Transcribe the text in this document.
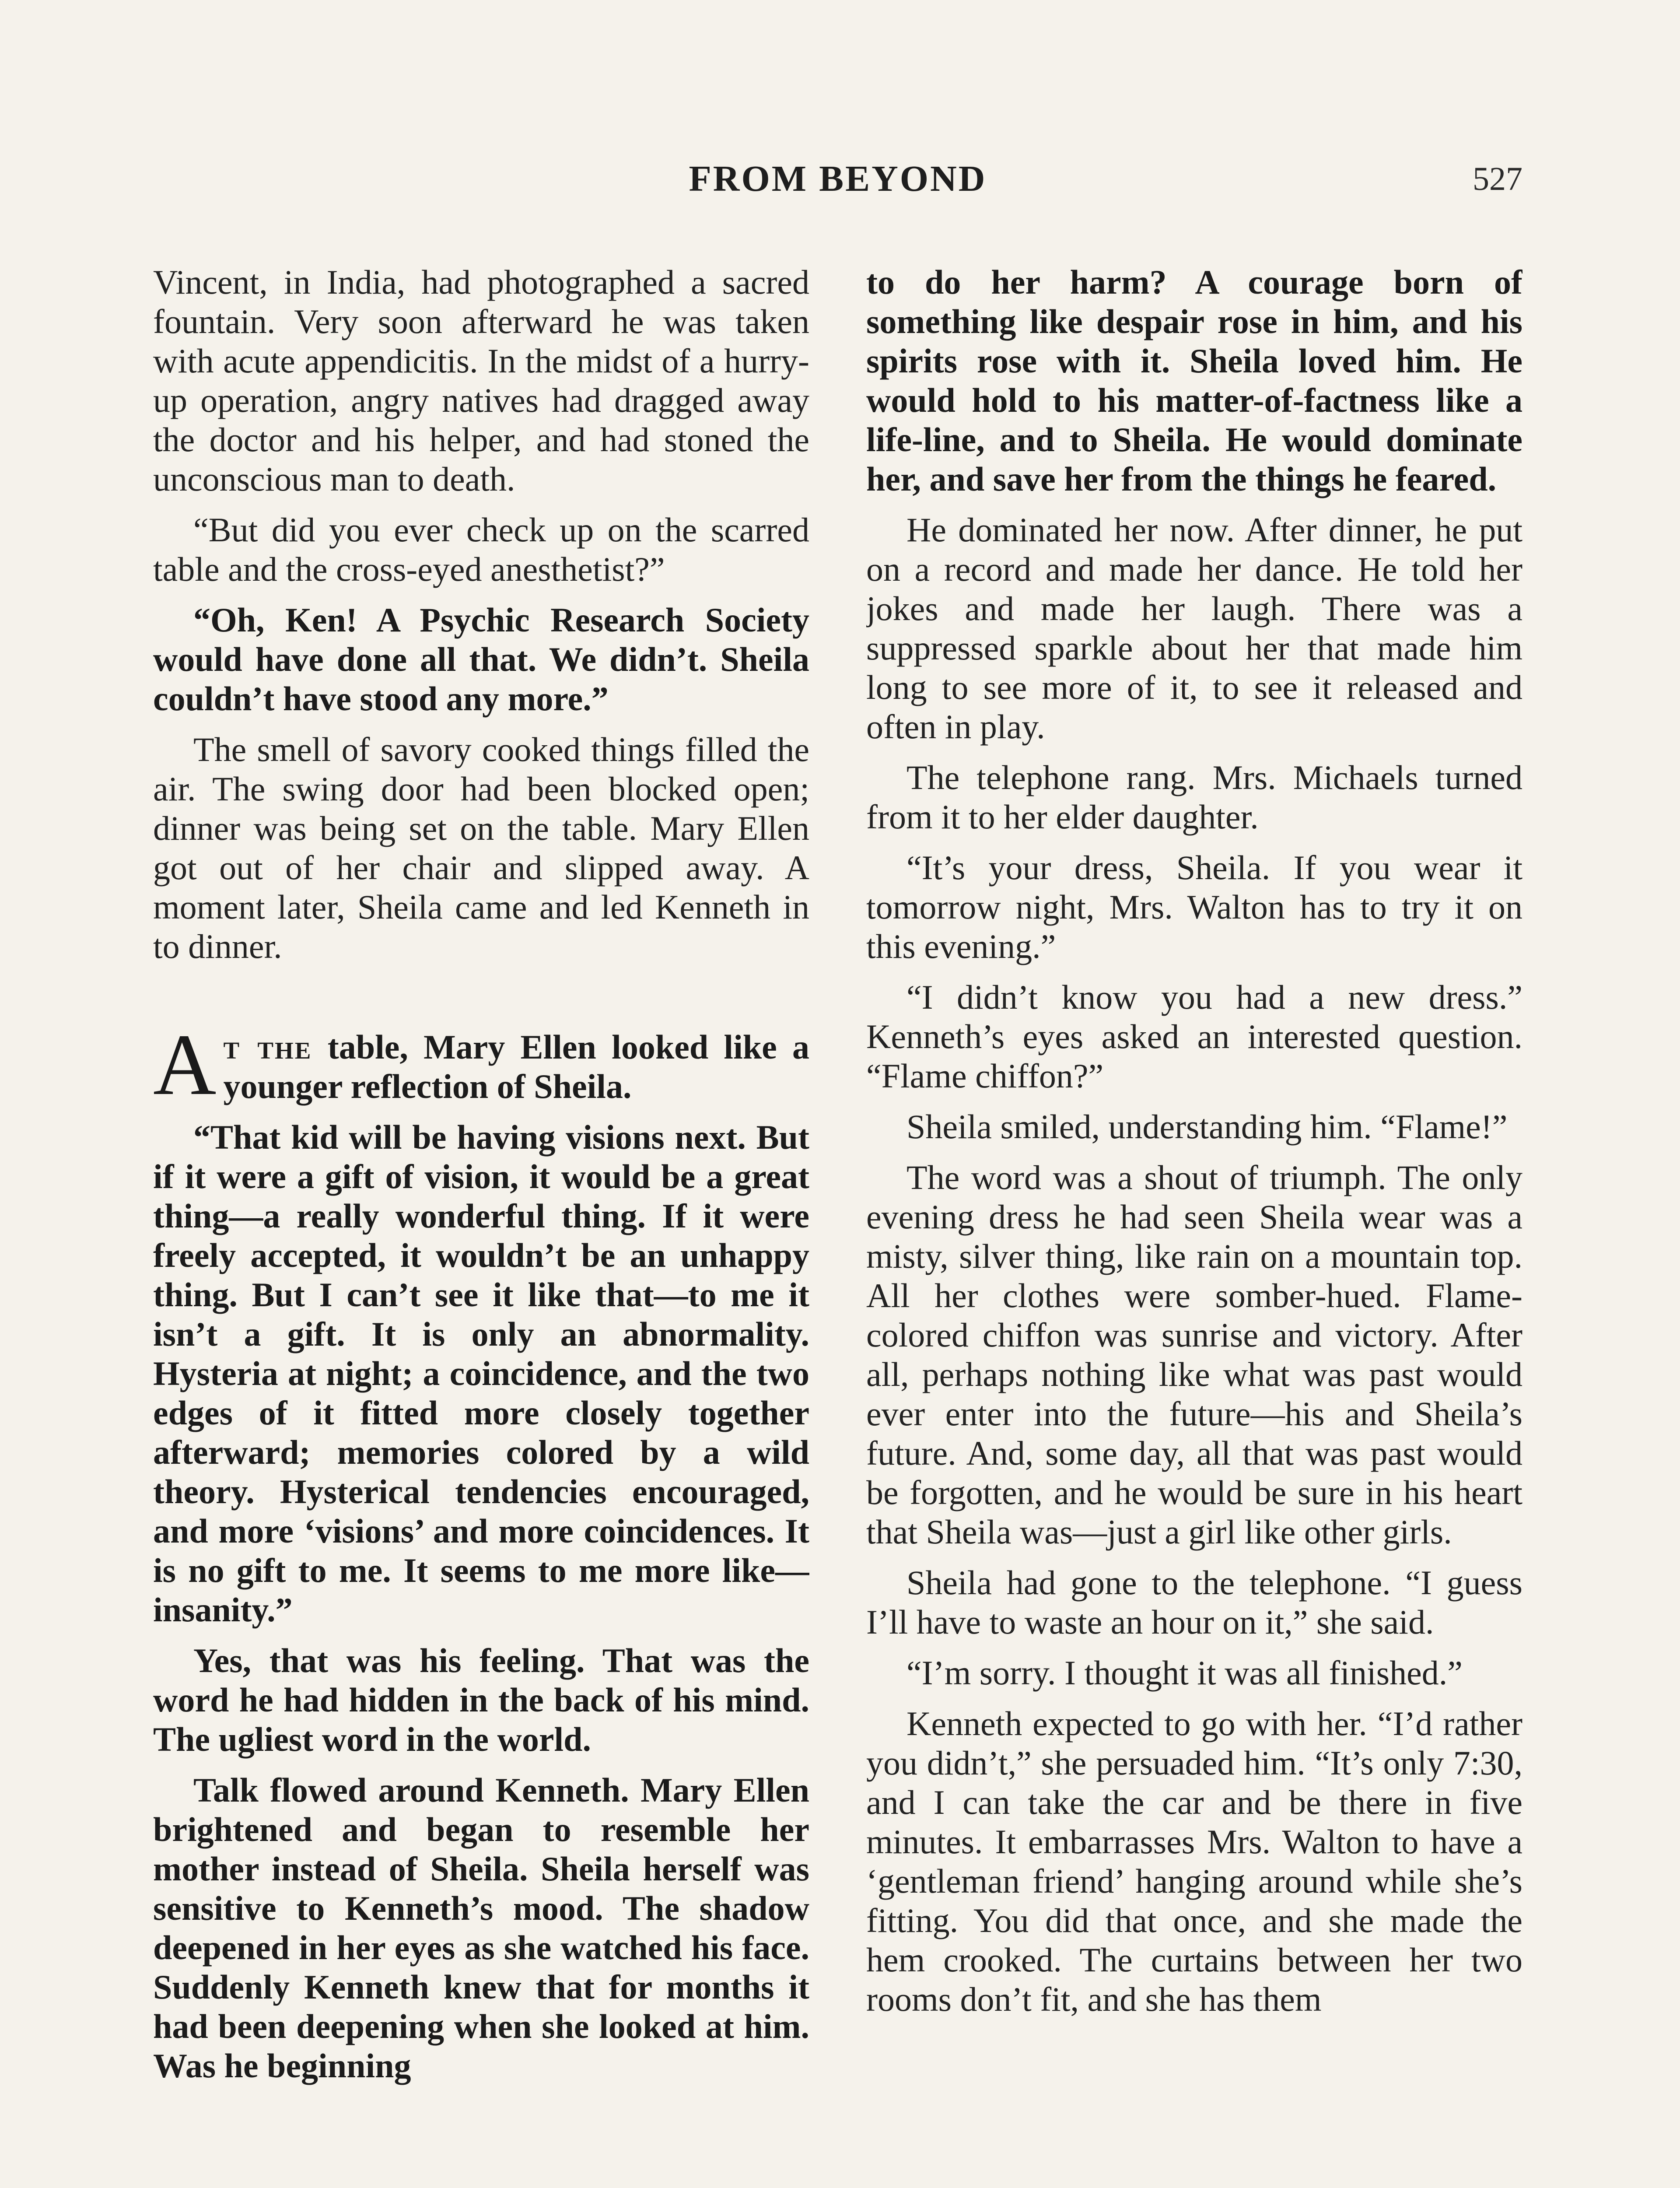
FROM BEYOND	527

Vincent, in India, had photographed a sacred fountain. Very soon afterward he was taken with acute appendicitis. In the midst of a hurry-up operation, angry natives had dragged away the doctor and his helper, and had stoned the unconscious man to death.

“But did you ever check up on the scarred table and the cross-eyed anesthetist?”

“Oh, Ken! A Psychic Research Society would have done all that. We didn’t. Sheila couldn’t have stood any more.”

The smell of savory cooked things filled the air. The swing door had been blocked open; dinner was being set on the table. Mary Ellen got out of her chair and slipped away. A moment later, Sheila came and led Kenneth in to dinner.

At the table, Mary Ellen looked like a younger reflection of Sheila.

“That kid will be having visions next. But if it were a gift of vision, it would be a great thing—a really wonderful thing. If it were freely accepted, it wouldn’t be an unhappy thing. But I can’t see it like that—to me it isn’t a gift. It is only an abnormality. Hysteria at night; a coincidence, and the two edges of it fitted more closely together afterward; memories colored by a wild theory. Hysterical tendencies encouraged, and more ‘visions’ and more coincidences. It is no gift to me. It seems to me more like—insanity.”

Yes, that was his feeling. That was the word he had hidden in the back of his mind. The ugliest word in the world.

Talk flowed around Kenneth. Mary Ellen brightened and began to resemble her mother instead of Sheila. Sheila herself was sensitive to Kenneth’s mood. The shadow deepened in her eyes as she watched his face. Suddenly Kenneth knew that for months it had been deepening when she looked at him. Was he beginning

to do her harm? A courage born of something like despair rose in him, and his spirits rose with it. Sheila loved him. He would hold to his matter-of-factness like a life-line, and to Sheila. He would dominate her, and save her from the things he feared.

He dominated her now. After dinner, he put on a record and made her dance. He told her jokes and made her laugh. There was a suppressed sparkle about her that made him long to see more of it, to see it released and often in play.

The telephone rang. Mrs. Michaels turned from it to her elder daughter.

“It’s your dress, Sheila. If you wear it tomorrow night, Mrs. Walton has to try it on this evening.”

“I didn’t know you had a new dress.” Kenneth’s eyes asked an interested question. “Flame chiffon?”

Sheila smiled, understanding him. “Flame!”

The word was a shout of triumph. The only evening dress he had seen Sheila wear was a misty, silver thing, like rain on a mountain top. All her clothes were somber-hued. Flame-colored chiffon was sunrise and victory. After all, perhaps nothing like what was past would ever enter into the future—his and Sheila’s future. And, some day, all that was past would be forgotten, and he would be sure in his heart that Sheila was—just a girl like other girls.

Sheila had gone to the telephone. “I guess I’ll have to waste an hour on it,” she said.

“I’m sorry. I thought it was all finished.”

Kenneth expected to go with her. “I’d rather you didn’t,” she persuaded him. “It’s only 7:30, and I can take the car and be there in five minutes. It embarrasses Mrs. Walton to have a ‘gentleman friend’ hanging around while she’s fitting. You did that once, and she made the hem crooked. The curtains between her two rooms don’t fit, and she has them
